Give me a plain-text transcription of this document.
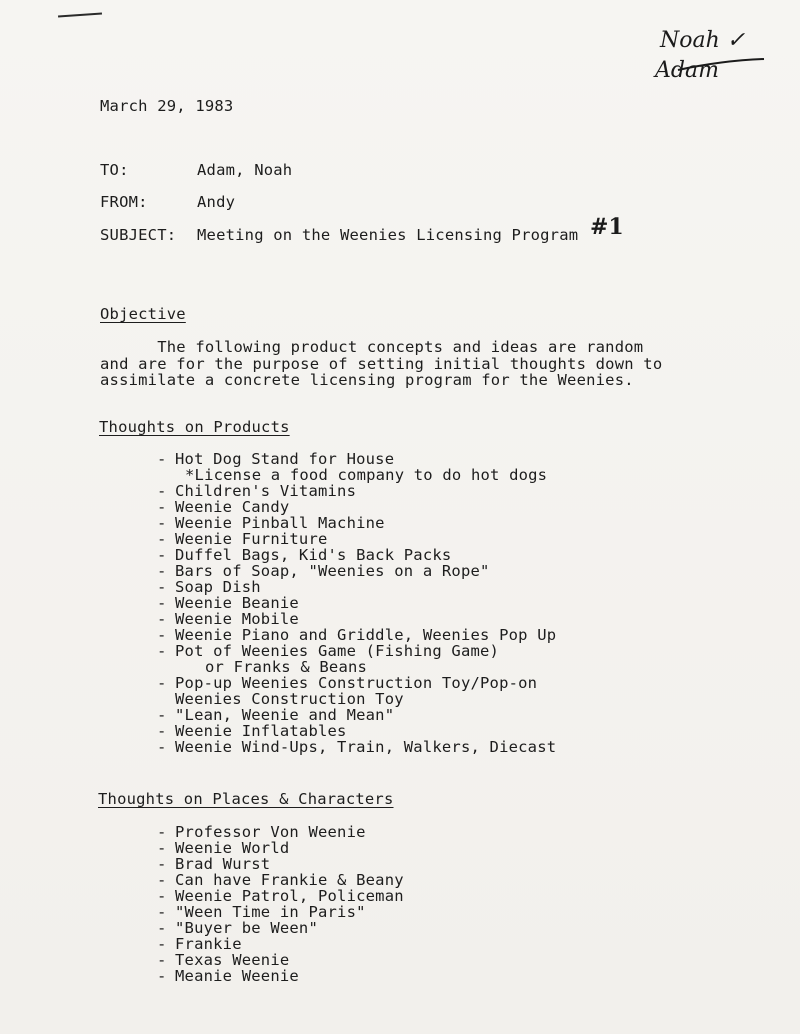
Noah ✓
Adam
March 29, 1983
TO:	Adam, Noah
FROM:	Andy
SUBJECT:	Meeting on the Weenies Licensing Program #1
Objective
The following product concepts and ideas are random
and are for the purpose of setting initial thoughts down to
assimilate a concrete licensing program for the Weenies.
Thoughts on Products
- Hot Dog Stand for House
*License a food company to do hot dogs
- Children's Vitamins
- Weenie Candy
- Weenie Pinball Machine
- Weenie Furniture
- Duffel Bags, Kid's Back Packs
- Bars of Soap, "Weenies on a Rope"
- Soap Dish
- Weenie Beanie
- Weenie Mobile
- Weenie Piano and Griddle, Weenies Pop Up
- Pot of Weenies Game (Fishing Game)
or Franks & Beans
- Pop-up Weenies Construction Toy/Pop-on
Weenies Construction Toy
- "Lean, Weenie and Mean"
- Weenie Inflatables
- Weenie Wind-Ups, Train, Walkers, Diecast
Thoughts on Places & Characters
- Professor Von Weenie
- Weenie World
- Brad Wurst
- Can have Frankie & Beany
- Weenie Patrol, Policeman
- "Ween Time in Paris"
- "Buyer be Ween"
- Frankie
- Texas Weenie
- Meanie Weenie
